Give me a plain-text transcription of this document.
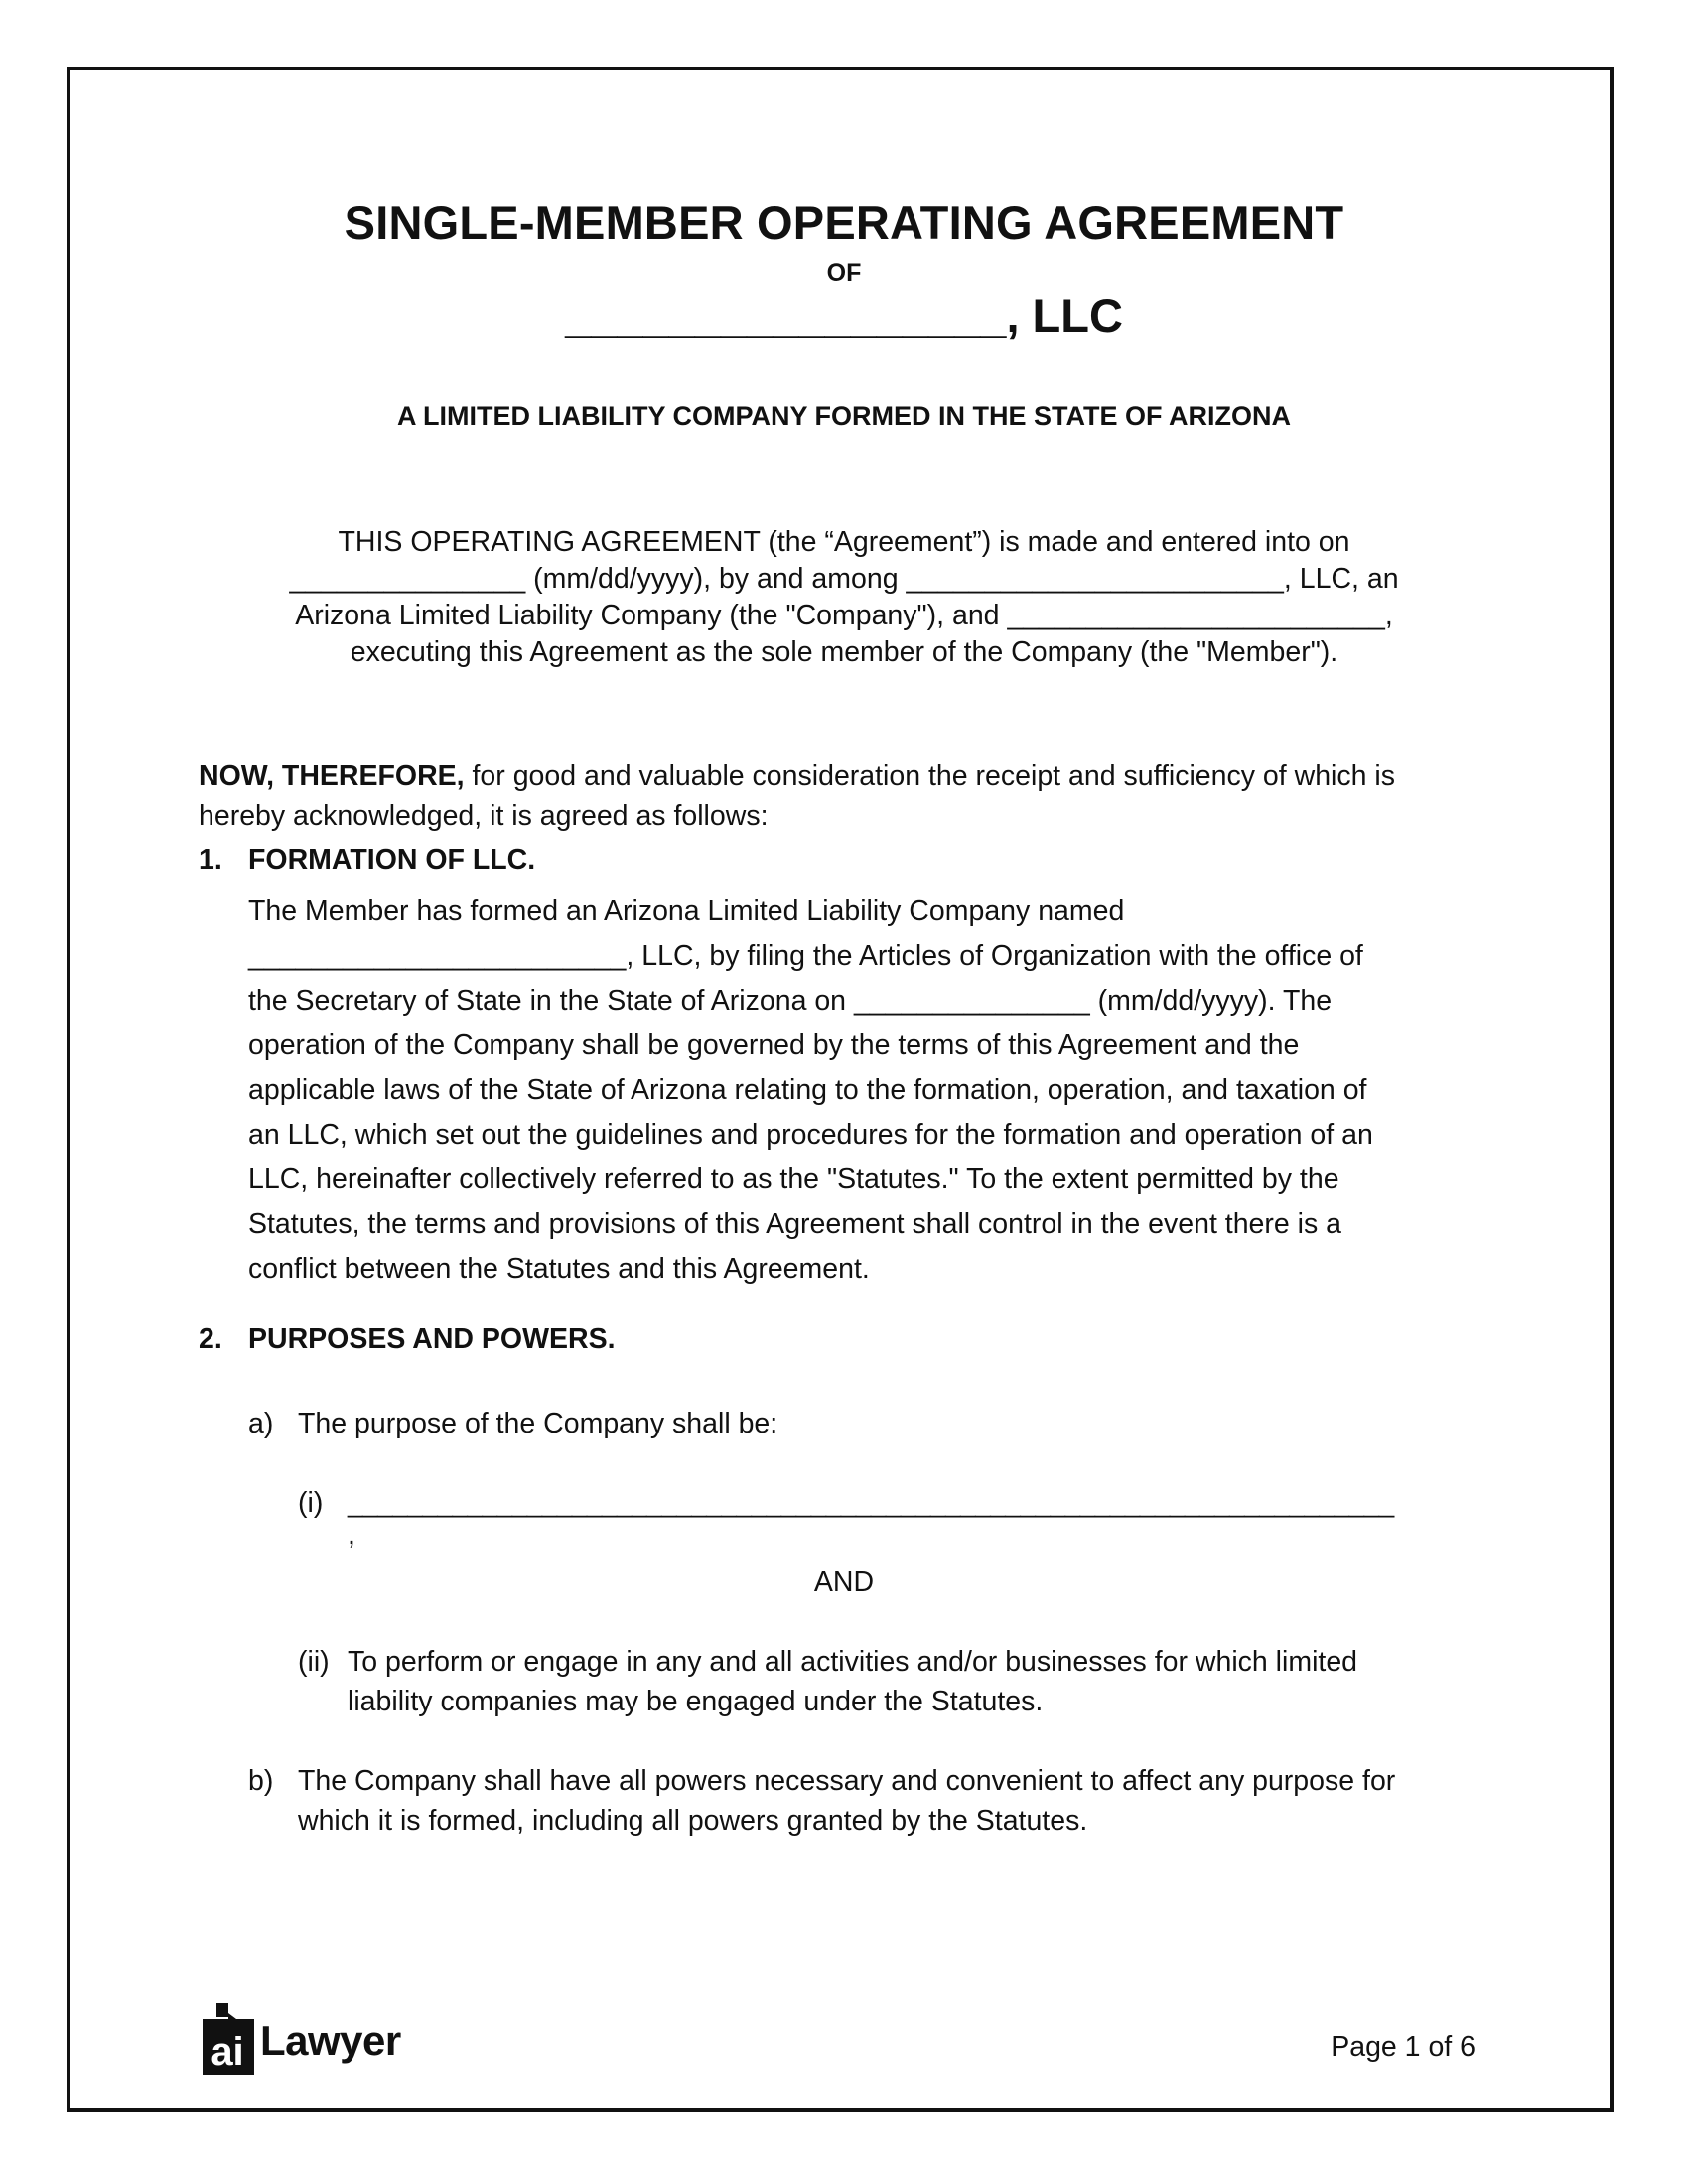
SINGLE-MEMBER OPERATING AGREEMENT
OF
_________________, LLC
A LIMITED LIABILITY COMPANY FORMED IN THE STATE OF ARIZONA
THIS OPERATING AGREEMENT (the “Agreement”) is made and entered into on
_______________ (mm/dd/yyyy), by and among ________________________, LLC, an
Arizona Limited Liability Company (the "Company"), and ________________________,
executing this Agreement as the sole member of the Company (the "Member").
NOW, THEREFORE, for good and valuable consideration the receipt and sufficiency of which is
hereby acknowledged, it is agreed as follows:
1. FORMATION OF LLC.
The Member has formed an Arizona Limited Liability Company named
________________________, LLC, by filing the Articles of Organization with the office of
the Secretary of State in the State of Arizona on _______________ (mm/dd/yyyy). The
operation of the Company shall be governed by the terms of this Agreement and the
applicable laws of the State of Arizona relating to the formation, operation, and taxation of
an LLC, which set out the guidelines and procedures for the formation and operation of an
LLC, hereinafter collectively referred to as the "Statutes." To the extent permitted by the
Statutes, the terms and provisions of this Agreement shall control in the event there is a
conflict between the Statutes and this Agreement.
2. PURPOSES AND POWERS.
a) The purpose of the Company shall be:
(i) ______________________________________________________________________
,
AND
(ii) To perform or engage in any and all activities and/or businesses for which limited
liability companies may be engaged under the Statutes.
b) The Company shall have all powers necessary and convenient to affect any purpose for
which it is formed, including all powers granted by the Statutes.
ai Lawyer	Page 1 of 6
